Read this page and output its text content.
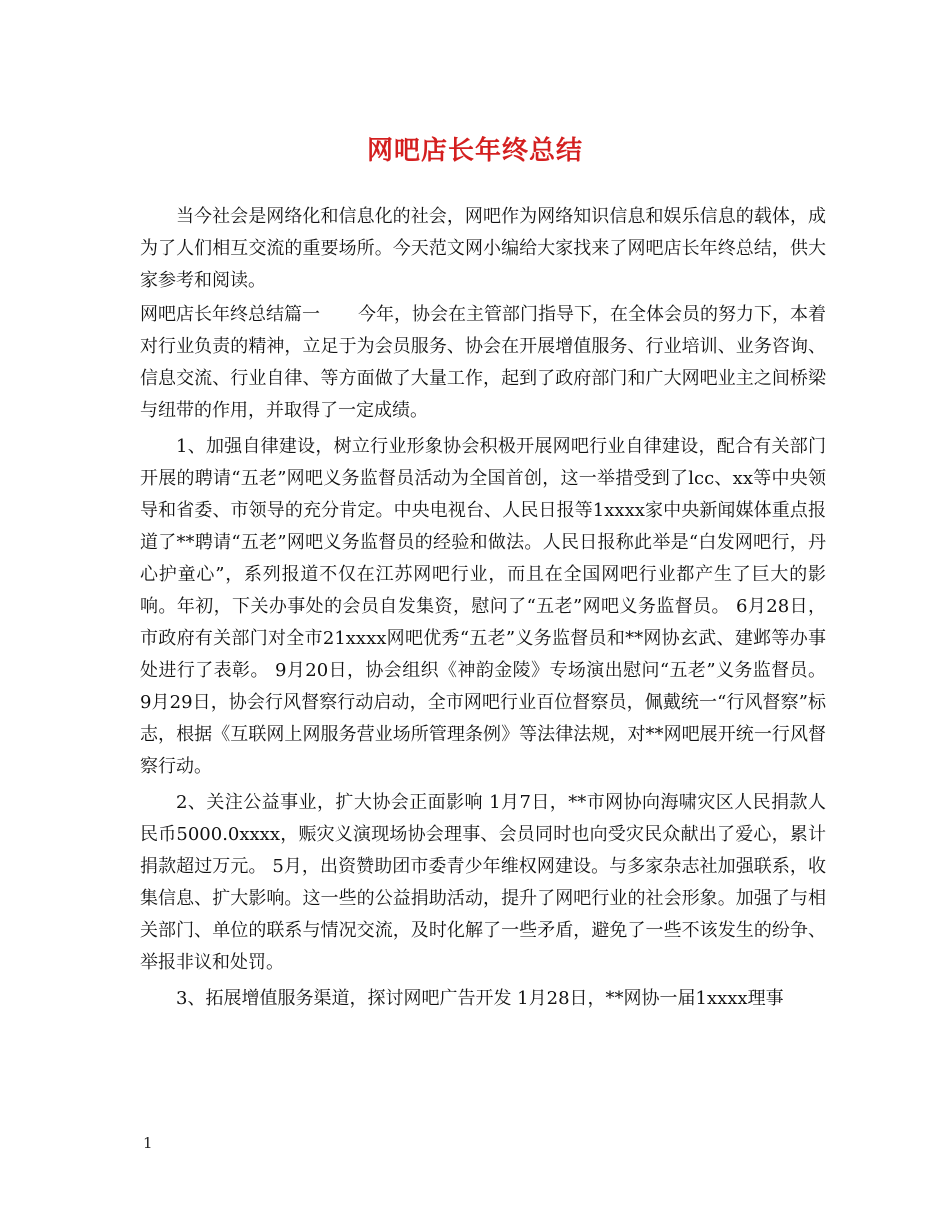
网吧店长年终总结

当今社会是网络化和信息化的社会，网吧作为网络知识信息和娱乐信息的载体，成为了人们相互交流的重要场所。今天范文网小编给大家找来了网吧店长年终总结，供大家参考和阅读。

网吧店长年终总结篇一 今年，协会在主管部门指导下，在全体会员的努力下，本着对行业负责的精神，立足于为会员服务、协会在开展增值服务、行业培训、业务咨询、信息交流、行业自律、等方面做了大量工作，起到了政府部门和广大网吧业主之间桥梁与纽带的作用，并取得了一定成绩。

1、加强自律建设，树立行业形象协会积极开展网吧行业自律建设，配合有关部门开展的聘请“五老”网吧义务监督员活动为全国首创，这一举措受到了lcc、xx等中央领导和省委、市领导的充分肯定。中央电视台、人民日报等1xxxx家中央新闻媒体重点报道了**聘请“五老”网吧义务监督员的经验和做法。人民日报称此举是“白发网吧行，丹心护童心”，系列报道不仅在江苏网吧行业，而且在全国网吧行业都产生了巨大的影响。年初，下关办事处的会员自发集资，慰问了“五老”网吧义务监督员。 6月28日，市政府有关部门对全市21xxxx网吧优秀“五老”义务监督员和**网协玄武、建邺等办事处进行了表彰。 9月20日，协会组织《神韵金陵》专场演出慰问“五老”义务监督员。 9月29日，协会行风督察行动启动，全市网吧行业百位督察员，佩戴统一“行风督察”标志，根据《互联网上网服务营业场所管理条例》等法律法规，对**网吧展开统一行风督察行动。

2、关注公益事业，扩大协会正面影响 1月7日，**市网协向海啸灾区人民捐款人民币5000.0xxxx，赈灾义演现场协会理事、会员同时也向受灾民众献出了爱心，累计捐款超过万元。 5月，出资赞助团市委青少年维权网建设。与多家杂志社加强联系，收集信息、扩大影响。这一些的公益捐助活动，提升了网吧行业的社会形象。加强了与相关部门、单位的联系与情况交流，及时化解了一些矛盾，避免了一些不该发生的纷争、举报非议和处罚。

3、拓展增值服务渠道，探讨网吧广告开发 1月28日，**网协一届1xxxx理事

1
